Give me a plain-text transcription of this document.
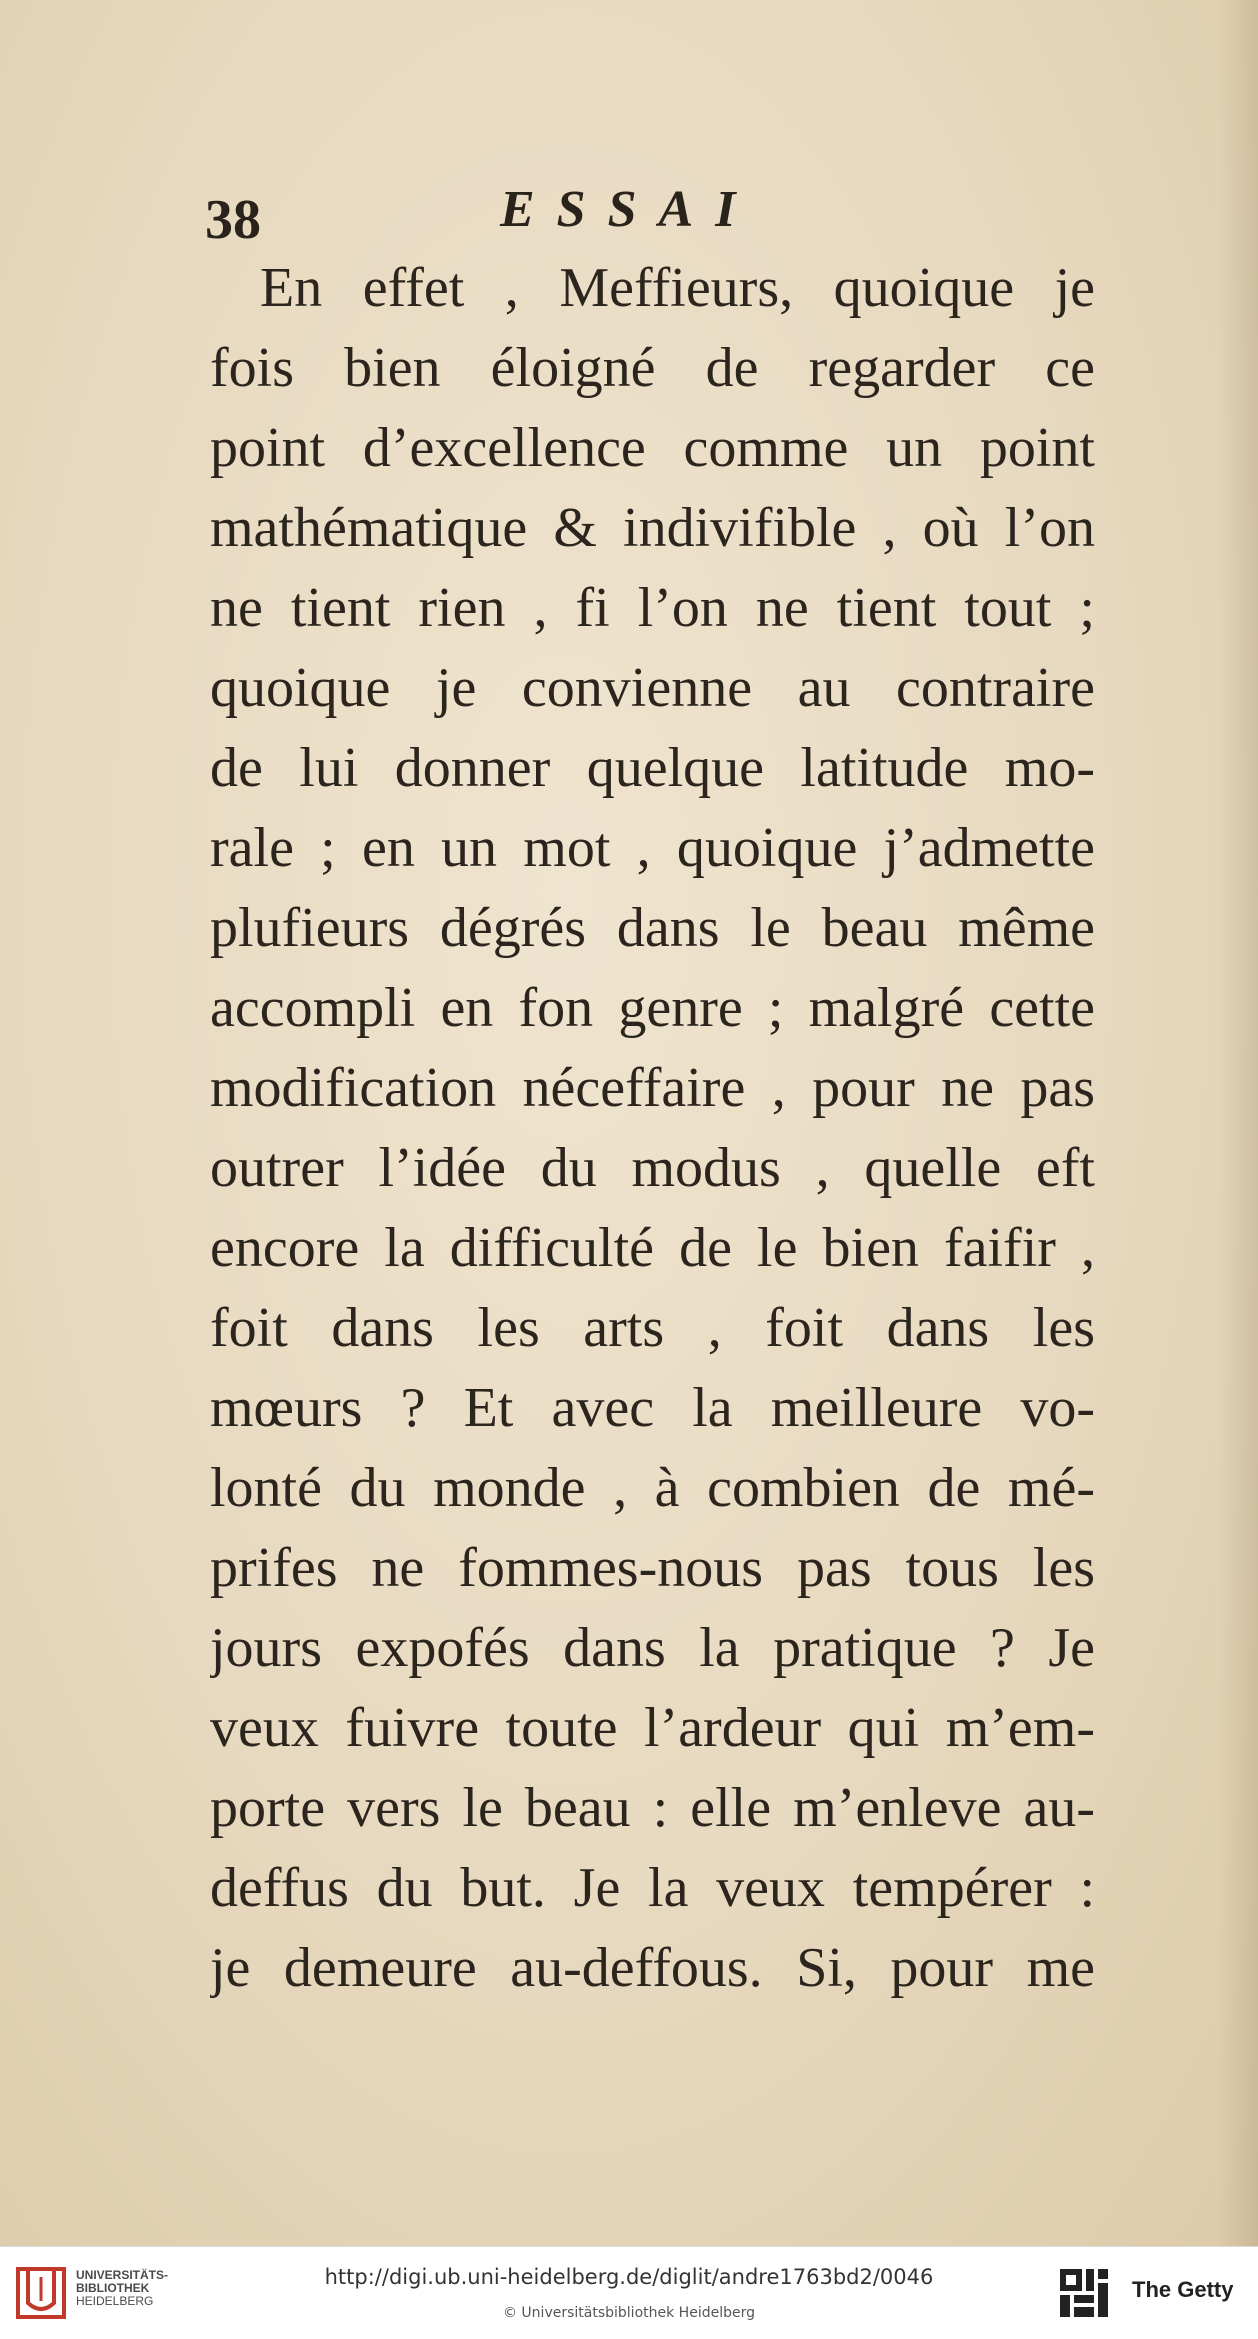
38	ESSAI
En effet , Meffieurs, quoique je
fois bien éloigné de regarder ce
point d’excellence comme un point
mathématique & indivifible , où l’on
ne tient rien , fi l’on ne tient tout ;
quoique je convienne au contraire
de lui donner quelque latitude mo-
rale ; en un mot , quoique j’admette
plufieurs dégrés dans le beau même
accompli en fon genre ; malgré cette
modification néceffaire , pour ne pas
outrer l’idée du modus , quelle eft
encore la difficulté de le bien faifir ,
foit dans les arts , foit dans les
mœurs ? Et avec la meilleure vo-
lonté du monde , à combien de mé-
prifes ne fommes-nous pas tous les
jours expofés dans la pratique ? Je
veux fuivre toute l’ardeur qui m’em-
porte vers le beau : elle m’enleve au-
deffus du but. Je la veux tempérer :
je demeure au-deffous. Si, pour me
UNIVERSITÄTS-
BIBLIOTHEK
HEIDELBERG
http://digi.ub.uni-heidelberg.de/diglit/andre1763bd2/0046
© Universitätsbibliothek Heidelberg
The Getty
